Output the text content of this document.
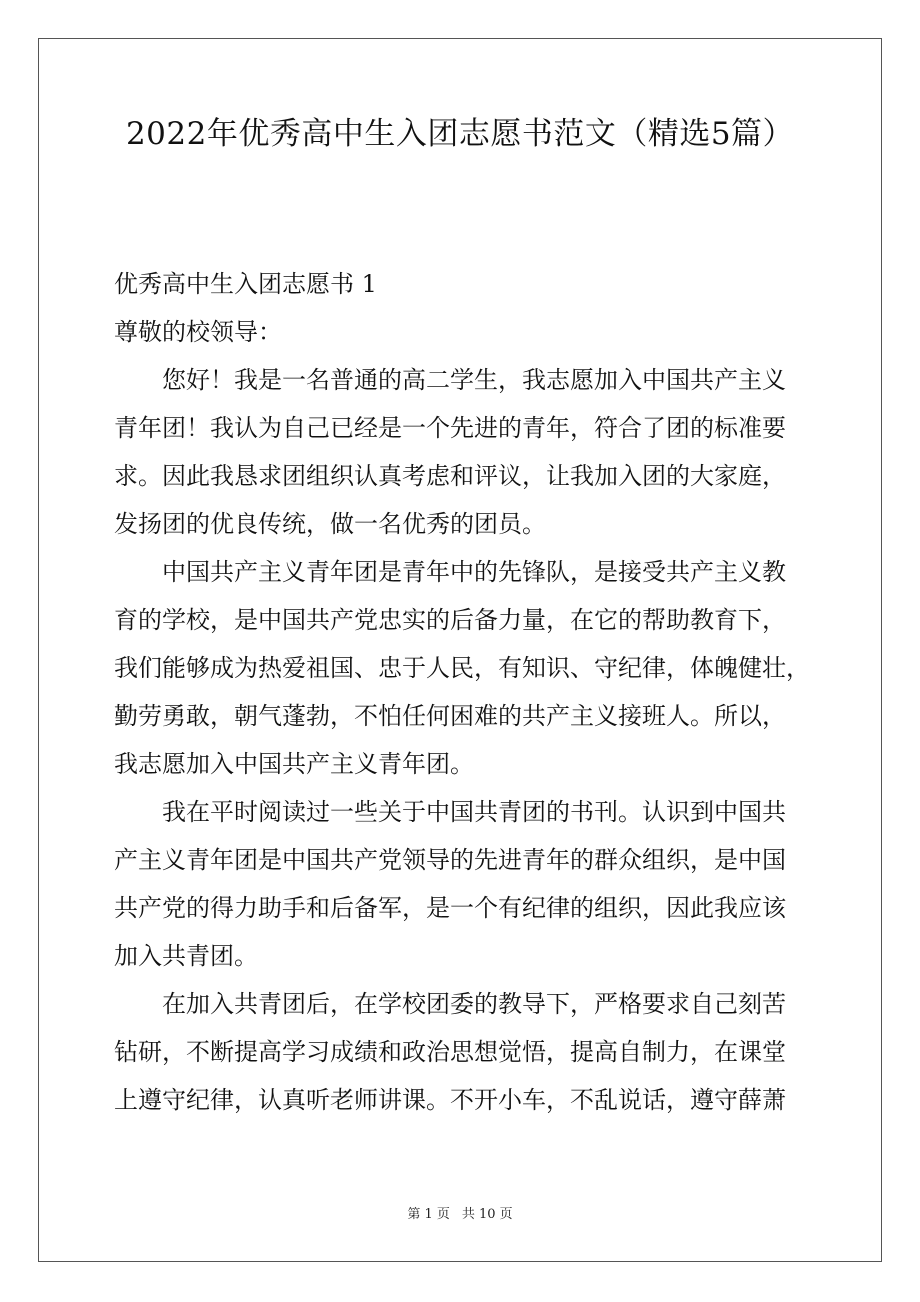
2022年优秀高中生入团志愿书范文（精选5篇）
优秀高中生入团志愿书 1
尊敬的校领导：
您好！我是一名普通的高二学生，我志愿加入中国共产主义
青年团！我认为自己已经是一个先进的青年，符合了团的标准要
求。因此我恳求团组织认真考虑和评议，让我加入团的大家庭，
发扬团的优良传统，做一名优秀的团员。
中国共产主义青年团是青年中的先锋队，是接受共产主义教
育的学校，是中国共产党忠实的后备力量，在它的帮助教育下，
我们能够成为热爱祖国、忠于人民，有知识、守纪律，体魄健壮，
勤劳勇敢，朝气蓬勃，不怕任何困难的共产主义接班人。所以，
我志愿加入中国共产主义青年团。
我在平时阅读过一些关于中国共青团的书刊。认识到中国共
产主义青年团是中国共产党领导的先进青年的群众组织，是中国
共产党的得力助手和后备军，是一个有纪律的组织，因此我应该
加入共青团。
在加入共青团后，在学校团委的教导下，严格要求自己刻苦
钻研，不断提高学习成绩和政治思想觉悟，提高自制力，在课堂
上遵守纪律，认真听老师讲课。不开小车，不乱说话，遵守薛萧
第 1 页 共 10 页
